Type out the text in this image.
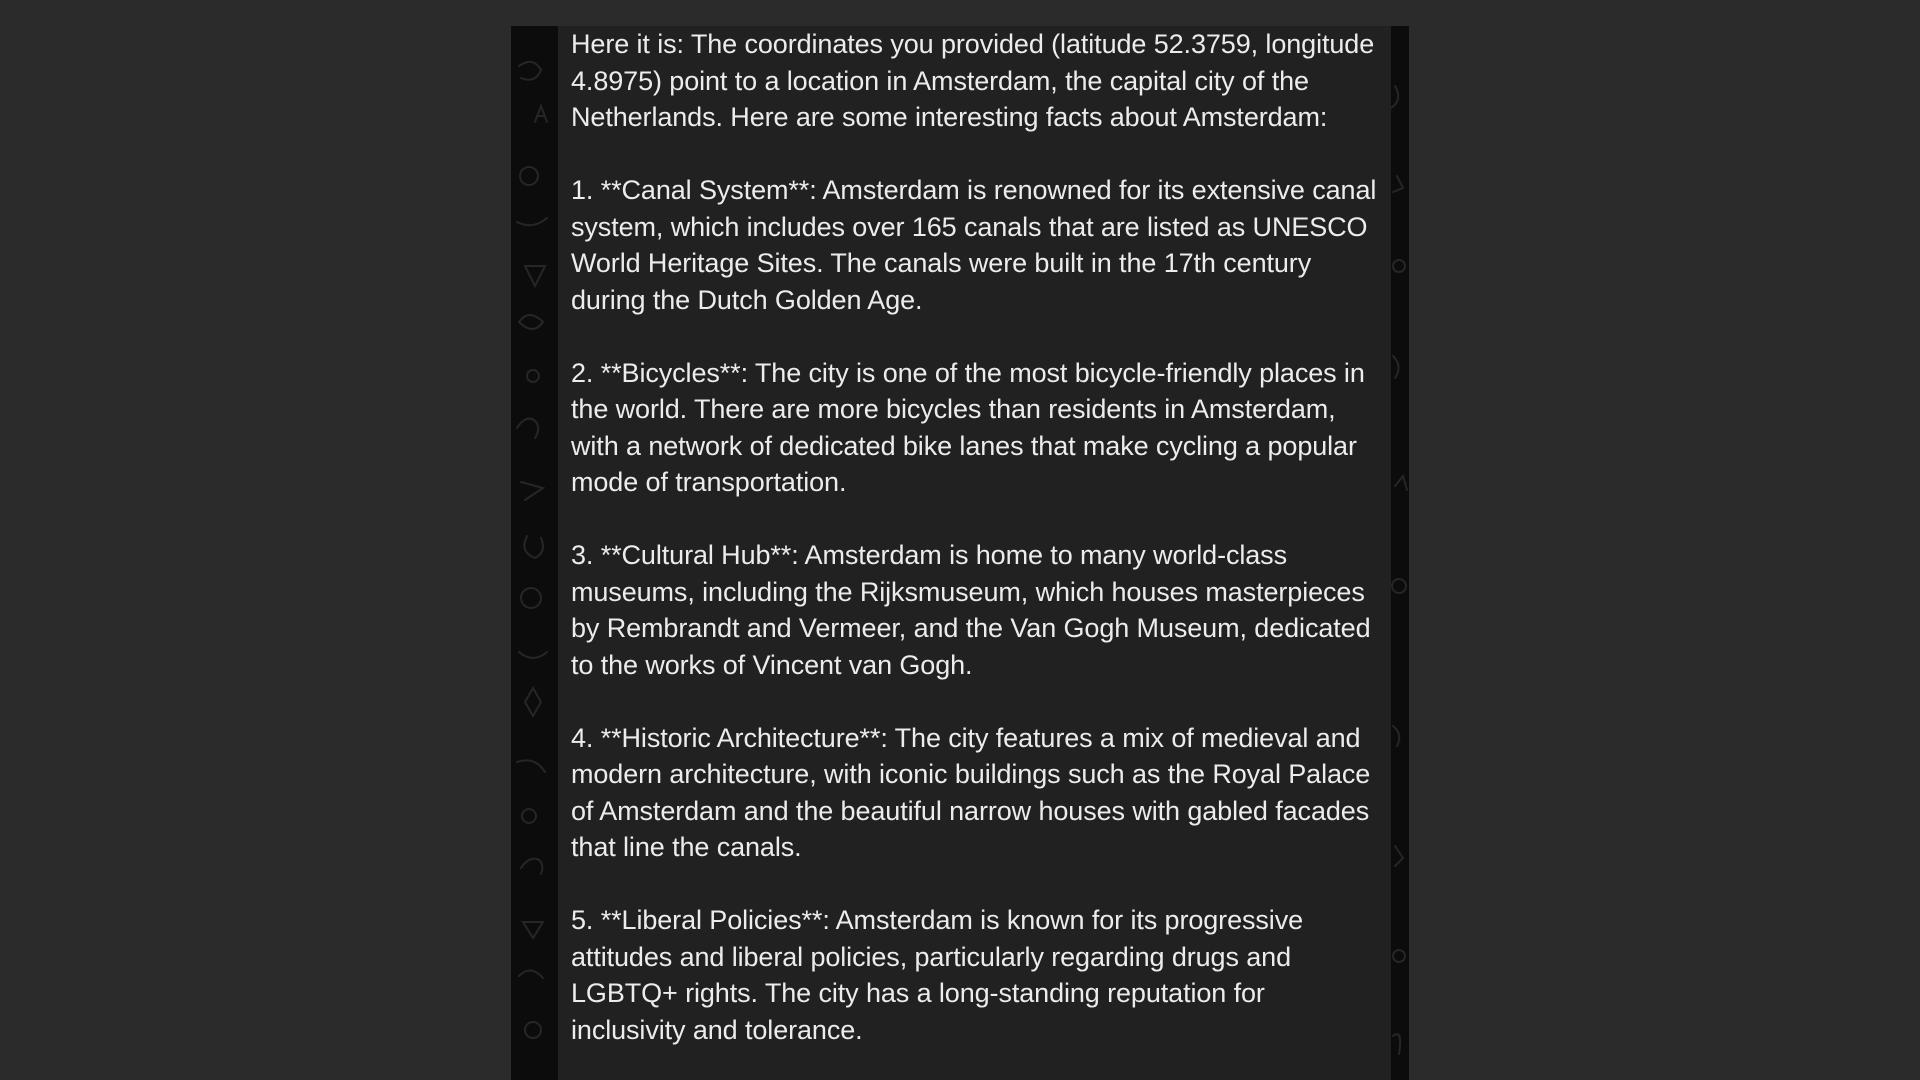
Here it is: The coordinates you provided (latitude 52.3759, longitude 4.8975) point to a location in Amsterdam, the capital city of the Netherlands. Here are some interesting facts about Amsterdam:

1. **Canal System**: Amsterdam is renowned for its extensive canal system, which includes over 165 canals that are listed as UNESCO World Heritage Sites. The canals were built in the 17th century during the Dutch Golden Age.

2. **Bicycles**: The city is one of the most bicycle-friendly places in the world. There are more bicycles than residents in Amsterdam, with a network of dedicated bike lanes that make cycling a popular mode of transportation.

3. **Cultural Hub**: Amsterdam is home to many world-class museums, including the Rijksmuseum, which houses masterpieces by Rembrandt and Vermeer, and the Van Gogh Museum, dedicated to the works of Vincent van Gogh.

4. **Historic Architecture**: The city features a mix of medieval and modern architecture, with iconic buildings such as the Royal Palace of Amsterdam and the beautiful narrow houses with gabled facades that line the canals.

5. **Liberal Policies**: Amsterdam is known for its progressive attitudes and liberal policies, particularly regarding drugs and LGBTQ+ rights. The city has a long-standing reputation for inclusivity and tolerance.
